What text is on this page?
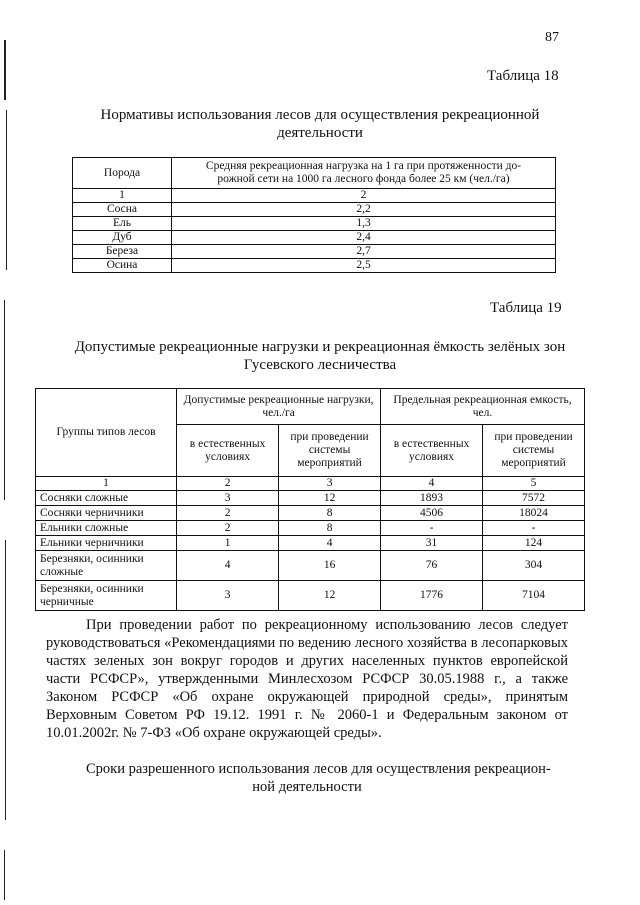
87
Таблица 18
Нормативы использования лесов для осуществления рекреационной
деятельности
Порода	Средняя рекреационная нагрузка на 1 га при протяженности до-
рожной сети на 1000 га лесного фонда более 25 км (чел./га)

1	2
Сосна	2,2
Ель	1,3
Дуб	2,4
Береза	2,7
Осина	2,5
Таблица 19
Допустимые рекреационные нагрузки и рекреационная ёмкость зелёных зон
Гусевского лесничества
Группы типов лесов	Допустимые рекреационные нагрузки, чел./га		Предельная рекреационная емкость, чел.	
	в естественных условиях	при проведении системы мероприятий	в естественных условиях	при проведении системы мероприятий
1	2	3	4	5
Сосняки сложные	3	12	1893	7572
Сосняки черничники	2	8	4506	18024
Ельники сложные	2	8	-	-
Ельники черничники	1	4	31	124
Березняки, осинники сложные	4	16	76	304
Березняки, осинники черничные	3	12	1776	7104

При проведении работ по рекреационному использованию лесов следует руководствоваться «Рекомендациями по ведению лесного хозяйства в лесопарковых частях зеленых зон вокруг городов и других населенных пунктов европейской части РСФСР», утвержденными Минлесхозом РСФСР 30.05.1988 г., а также Законом РСФСР «Об охране окружающей природной среды», принятым Верховным Советом РФ 19.12. 1991 г. № 2060-1 и Федеральным законом от 10.01.2002г. № 7-ФЗ «Об охране окружающей среды».

Сроки разрешенного использования лесов для осуществления рекреацион-
ной деятельности
